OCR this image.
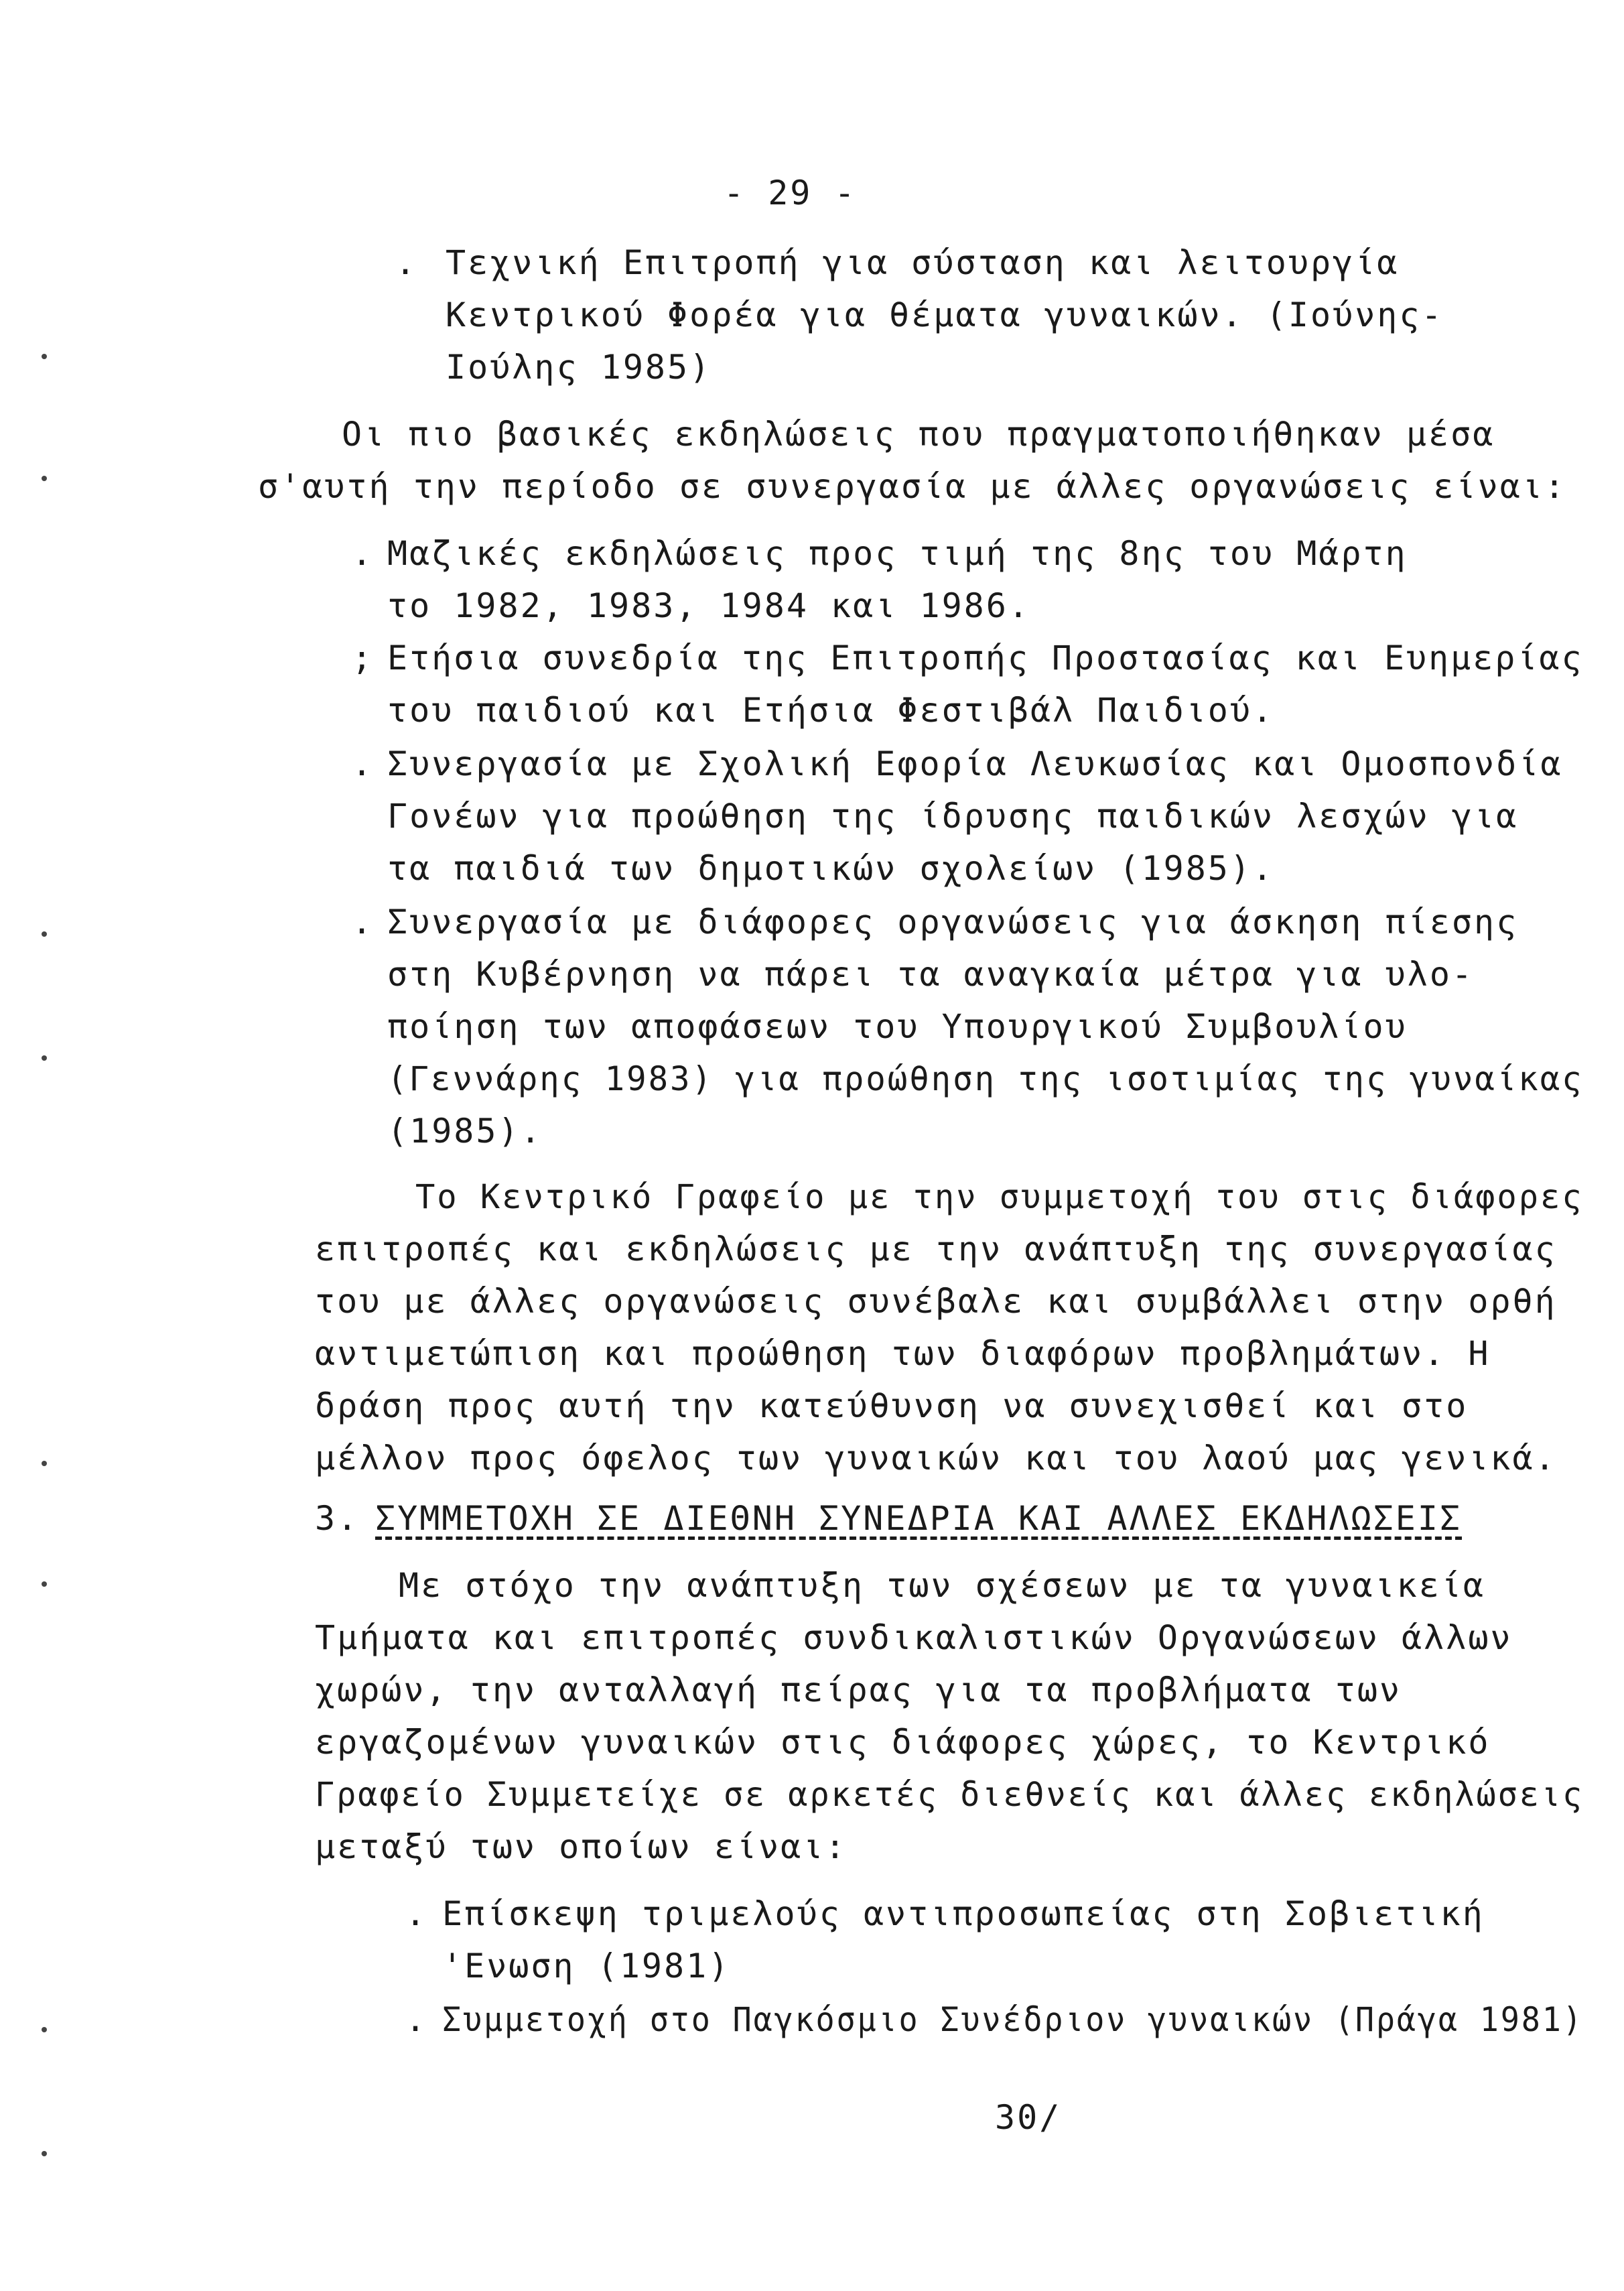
- 29 -
. Τεχνική Επιτροπή για σύσταση και λειτουργία
Κεντρικού Φορέα για θέματα γυναικών. (Ιούνης-
Ιούλης 1985)
Οι πιο βασικές εκδηλώσεις που πραγματοποιήθηκαν μέσα
σ'αυτή την περίοδο σε συνεργασία με άλλες οργανώσεις είναι:
. Μαζικές εκδηλώσεις προς τιμή της 8ης του Μάρτη
το 1982, 1983, 1984 και 1986.
; Ετήσια συνεδρία της Επιτροπής Προστασίας και Ευημερίας
του παιδιού και Ετήσια Φεστιβάλ Παιδιού.
. Συνεργασία με Σχολική Εφορία Λευκωσίας και Ομοσπονδία
Γονέων για προώθηση της ίδρυσης παιδικών λεσχών για
τα παιδιά των δημοτικών σχολείων (1985).
. Συνεργασία με διάφορες οργανώσεις για άσκηση πίεσης
στη Κυβέρνηση να πάρει τα αναγκαία μέτρα για υλο-
ποίηση των αποφάσεων του Υπουργικού Συμβουλίου
(Γεννάρης 1983) για προώθηση της ισοτιμίας της γυναίκας
(1985).
Το Κεντρικό Γραφείο με την συμμετοχή του στις διάφορες
επιτροπές και εκδηλώσεις με την ανάπτυξη της συνεργασίας
του με άλλες οργανώσεις συνέβαλε και συμβάλλει στην ορθή
αντιμετώπιση και προώθηση των διαφόρων προβλημάτων. Η
δράση προς αυτή την κατεύθυνση να συνεχισθεί και στο
μέλλον προς όφελος των γυναικών και του λαού μας γενικά.
3. ΣΥΜΜΕΤΟΧΗ ΣΕ ΔΙΕΘΝΗ ΣΥΝΕΔΡΙΑ ΚΑΙ ΑΛΛΕΣ ΕΚΔΗΛΩΣΕΙΣ
Με στόχο την ανάπτυξη των σχέσεων με τα γυναικεία
Τμήματα και επιτροπές συνδικαλιστικών Οργανώσεων άλλων
χωρών, την ανταλλαγή πείρας για τα προβλήματα των
εργαζομένων γυναικών στις διάφορες χώρες, το Κεντρικό
Γραφείο Συμμετείχε σε αρκετές διεθνείς και άλλες εκδηλώσεις
μεταξύ των οποίων είναι:
. Επίσκεψη τριμελούς αντιπροσωπείας στη Σοβιετική
'Ενωση (1981)
. Συμμετοχή στο Παγκόσμιο Συνέδριον γυναικών (Πράγα 1981)
30/
